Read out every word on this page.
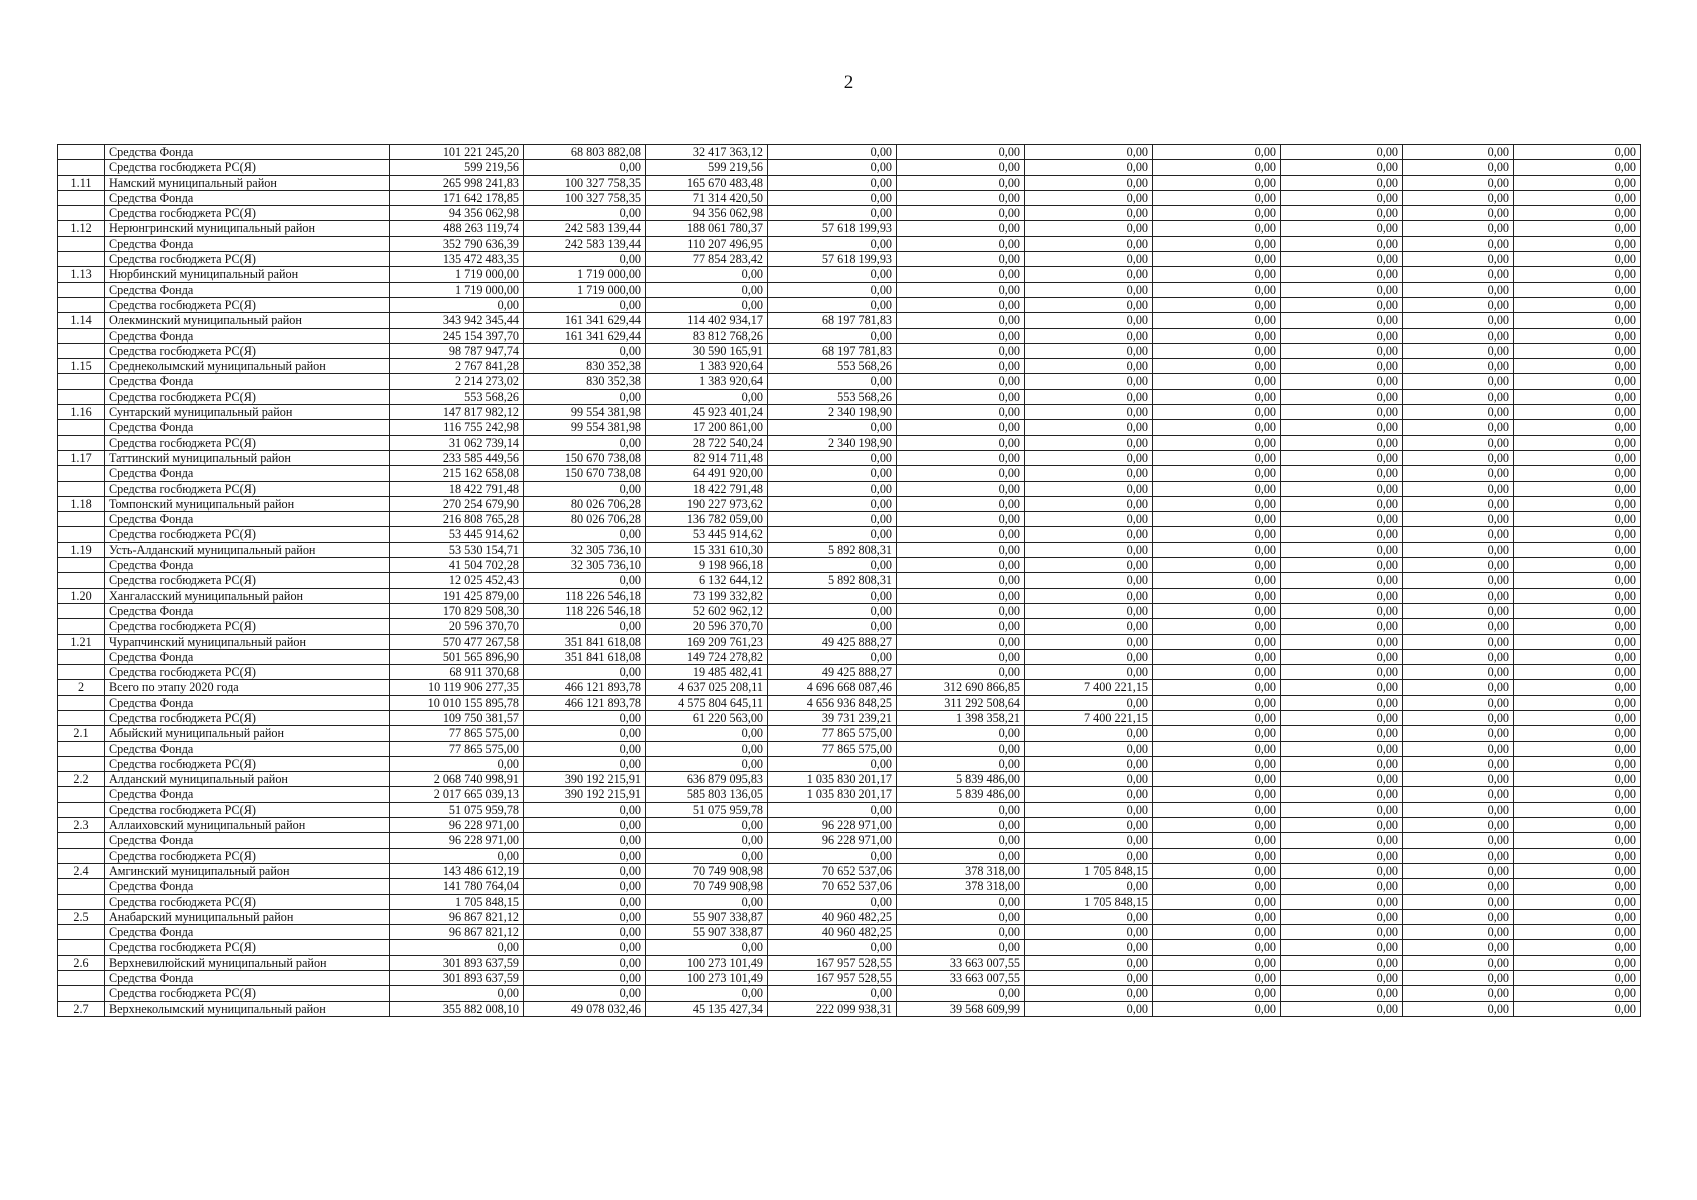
2
	Средства Фонда	101 221 245,20	68 803 882,08	32 417 363,12	0,00	0,00	0,00	0,00	0,00	0,00	0,00
	Средства госбюджета РС(Я)	599 219,56	0,00	599 219,56	0,00	0,00	0,00	0,00	0,00	0,00	0,00
1.11	Намский муниципальный район	265 998 241,83	100 327 758,35	165 670 483,48	0,00	0,00	0,00	0,00	0,00	0,00	0,00
	Средства Фонда	171 642 178,85	100 327 758,35	71 314 420,50	0,00	0,00	0,00	0,00	0,00	0,00	0,00
	Средства госбюджета РС(Я)	94 356 062,98	0,00	94 356 062,98	0,00	0,00	0,00	0,00	0,00	0,00	0,00
1.12	Нерюнгринский муниципальный район	488 263 119,74	242 583 139,44	188 061 780,37	57 618 199,93	0,00	0,00	0,00	0,00	0,00	0,00
	Средства Фонда	352 790 636,39	242 583 139,44	110 207 496,95	0,00	0,00	0,00	0,00	0,00	0,00	0,00
	Средства госбюджета РС(Я)	135 472 483,35	0,00	77 854 283,42	57 618 199,93	0,00	0,00	0,00	0,00	0,00	0,00
1.13	Нюрбинский муниципальный район	1 719 000,00	1 719 000,00	0,00	0,00	0,00	0,00	0,00	0,00	0,00	0,00
	Средства Фонда	1 719 000,00	1 719 000,00	0,00	0,00	0,00	0,00	0,00	0,00	0,00	0,00
	Средства госбюджета РС(Я)	0,00	0,00	0,00	0,00	0,00	0,00	0,00	0,00	0,00	0,00
1.14	Олекминский муниципальный район	343 942 345,44	161 341 629,44	114 402 934,17	68 197 781,83	0,00	0,00	0,00	0,00	0,00	0,00
	Средства Фонда	245 154 397,70	161 341 629,44	83 812 768,26	0,00	0,00	0,00	0,00	0,00	0,00	0,00
	Средства госбюджета РС(Я)	98 787 947,74	0,00	30 590 165,91	68 197 781,83	0,00	0,00	0,00	0,00	0,00	0,00
1.15	Среднеколымский муниципальный район	2 767 841,28	830 352,38	1 383 920,64	553 568,26	0,00	0,00	0,00	0,00	0,00	0,00
	Средства Фонда	2 214 273,02	830 352,38	1 383 920,64	0,00	0,00	0,00	0,00	0,00	0,00	0,00
	Средства госбюджета РС(Я)	553 568,26	0,00	0,00	553 568,26	0,00	0,00	0,00	0,00	0,00	0,00
1.16	Сунтарский муниципальный район	147 817 982,12	99 554 381,98	45 923 401,24	2 340 198,90	0,00	0,00	0,00	0,00	0,00	0,00
	Средства Фонда	116 755 242,98	99 554 381,98	17 200 861,00	0,00	0,00	0,00	0,00	0,00	0,00	0,00
	Средства госбюджета РС(Я)	31 062 739,14	0,00	28 722 540,24	2 340 198,90	0,00	0,00	0,00	0,00	0,00	0,00
1.17	Таттинский муниципальный район	233 585 449,56	150 670 738,08	82 914 711,48	0,00	0,00	0,00	0,00	0,00	0,00	0,00
	Средства Фонда	215 162 658,08	150 670 738,08	64 491 920,00	0,00	0,00	0,00	0,00	0,00	0,00	0,00
	Средства госбюджета РС(Я)	18 422 791,48	0,00	18 422 791,48	0,00	0,00	0,00	0,00	0,00	0,00	0,00
1.18	Томпонский муниципальный район	270 254 679,90	80 026 706,28	190 227 973,62	0,00	0,00	0,00	0,00	0,00	0,00	0,00
	Средства Фонда	216 808 765,28	80 026 706,28	136 782 059,00	0,00	0,00	0,00	0,00	0,00	0,00	0,00
	Средства госбюджета РС(Я)	53 445 914,62	0,00	53 445 914,62	0,00	0,00	0,00	0,00	0,00	0,00	0,00
1.19	Усть-Алданский муниципальный район	53 530 154,71	32 305 736,10	15 331 610,30	5 892 808,31	0,00	0,00	0,00	0,00	0,00	0,00
	Средства Фонда	41 504 702,28	32 305 736,10	9 198 966,18	0,00	0,00	0,00	0,00	0,00	0,00	0,00
	Средства госбюджета РС(Я)	12 025 452,43	0,00	6 132 644,12	5 892 808,31	0,00	0,00	0,00	0,00	0,00	0,00
1.20	Хангаласский муниципальный район	191 425 879,00	118 226 546,18	73 199 332,82	0,00	0,00	0,00	0,00	0,00	0,00	0,00
	Средства Фонда	170 829 508,30	118 226 546,18	52 602 962,12	0,00	0,00	0,00	0,00	0,00	0,00	0,00
	Средства госбюджета РС(Я)	20 596 370,70	0,00	20 596 370,70	0,00	0,00	0,00	0,00	0,00	0,00	0,00
1.21	Чурапчинский муниципальный район	570 477 267,58	351 841 618,08	169 209 761,23	49 425 888,27	0,00	0,00	0,00	0,00	0,00	0,00
	Средства Фонда	501 565 896,90	351 841 618,08	149 724 278,82	0,00	0,00	0,00	0,00	0,00	0,00	0,00
	Средства госбюджета РС(Я)	68 911 370,68	0,00	19 485 482,41	49 425 888,27	0,00	0,00	0,00	0,00	0,00	0,00
2	Всего по этапу 2020 года	10 119 906 277,35	466 121 893,78	4 637 025 208,11	4 696 668 087,46	312 690 866,85	7 400 221,15	0,00	0,00	0,00	0,00
	Средства Фонда	10 010 155 895,78	466 121 893,78	4 575 804 645,11	4 656 936 848,25	311 292 508,64	0,00	0,00	0,00	0,00	0,00
	Средства госбюджета РС(Я)	109 750 381,57	0,00	61 220 563,00	39 731 239,21	1 398 358,21	7 400 221,15	0,00	0,00	0,00	0,00
2.1	Абыйский муниципальный район	77 865 575,00	0,00	0,00	77 865 575,00	0,00	0,00	0,00	0,00	0,00	0,00
	Средства Фонда	77 865 575,00	0,00	0,00	77 865 575,00	0,00	0,00	0,00	0,00	0,00	0,00
	Средства госбюджета РС(Я)	0,00	0,00	0,00	0,00	0,00	0,00	0,00	0,00	0,00	0,00
2.2	Алданский муниципальный район	2 068 740 998,91	390 192 215,91	636 879 095,83	1 035 830 201,17	5 839 486,00	0,00	0,00	0,00	0,00	0,00
	Средства Фонда	2 017 665 039,13	390 192 215,91	585 803 136,05	1 035 830 201,17	5 839 486,00	0,00	0,00	0,00	0,00	0,00
	Средства госбюджета РС(Я)	51 075 959,78	0,00	51 075 959,78	0,00	0,00	0,00	0,00	0,00	0,00	0,00
2.3	Аллаиховский муниципальный район	96 228 971,00	0,00	0,00	96 228 971,00	0,00	0,00	0,00	0,00	0,00	0,00
	Средства Фонда	96 228 971,00	0,00	0,00	96 228 971,00	0,00	0,00	0,00	0,00	0,00	0,00
	Средства госбюджета РС(Я)	0,00	0,00	0,00	0,00	0,00	0,00	0,00	0,00	0,00	0,00
2.4	Амгинский муниципальный район	143 486 612,19	0,00	70 749 908,98	70 652 537,06	378 318,00	1 705 848,15	0,00	0,00	0,00	0,00
	Средства Фонда	141 780 764,04	0,00	70 749 908,98	70 652 537,06	378 318,00	0,00	0,00	0,00	0,00	0,00
	Средства госбюджета РС(Я)	1 705 848,15	0,00	0,00	0,00	0,00	1 705 848,15	0,00	0,00	0,00	0,00
2.5	Анабарский муниципальный район	96 867 821,12	0,00	55 907 338,87	40 960 482,25	0,00	0,00	0,00	0,00	0,00	0,00
	Средства Фонда	96 867 821,12	0,00	55 907 338,87	40 960 482,25	0,00	0,00	0,00	0,00	0,00	0,00
	Средства госбюджета РС(Я)	0,00	0,00	0,00	0,00	0,00	0,00	0,00	0,00	0,00	0,00
2.6	Верхневилюйский муниципальный район	301 893 637,59	0,00	100 273 101,49	167 957 528,55	33 663 007,55	0,00	0,00	0,00	0,00	0,00
	Средства Фонда	301 893 637,59	0,00	100 273 101,49	167 957 528,55	33 663 007,55	0,00	0,00	0,00	0,00	0,00
	Средства госбюджета РС(Я)	0,00	0,00	0,00	0,00	0,00	0,00	0,00	0,00	0,00	0,00
2.7	Верхнеколымский муниципальный район	355 882 008,10	49 078 032,46	45 135 427,34	222 099 938,31	39 568 609,99	0,00	0,00	0,00	0,00	0,00
